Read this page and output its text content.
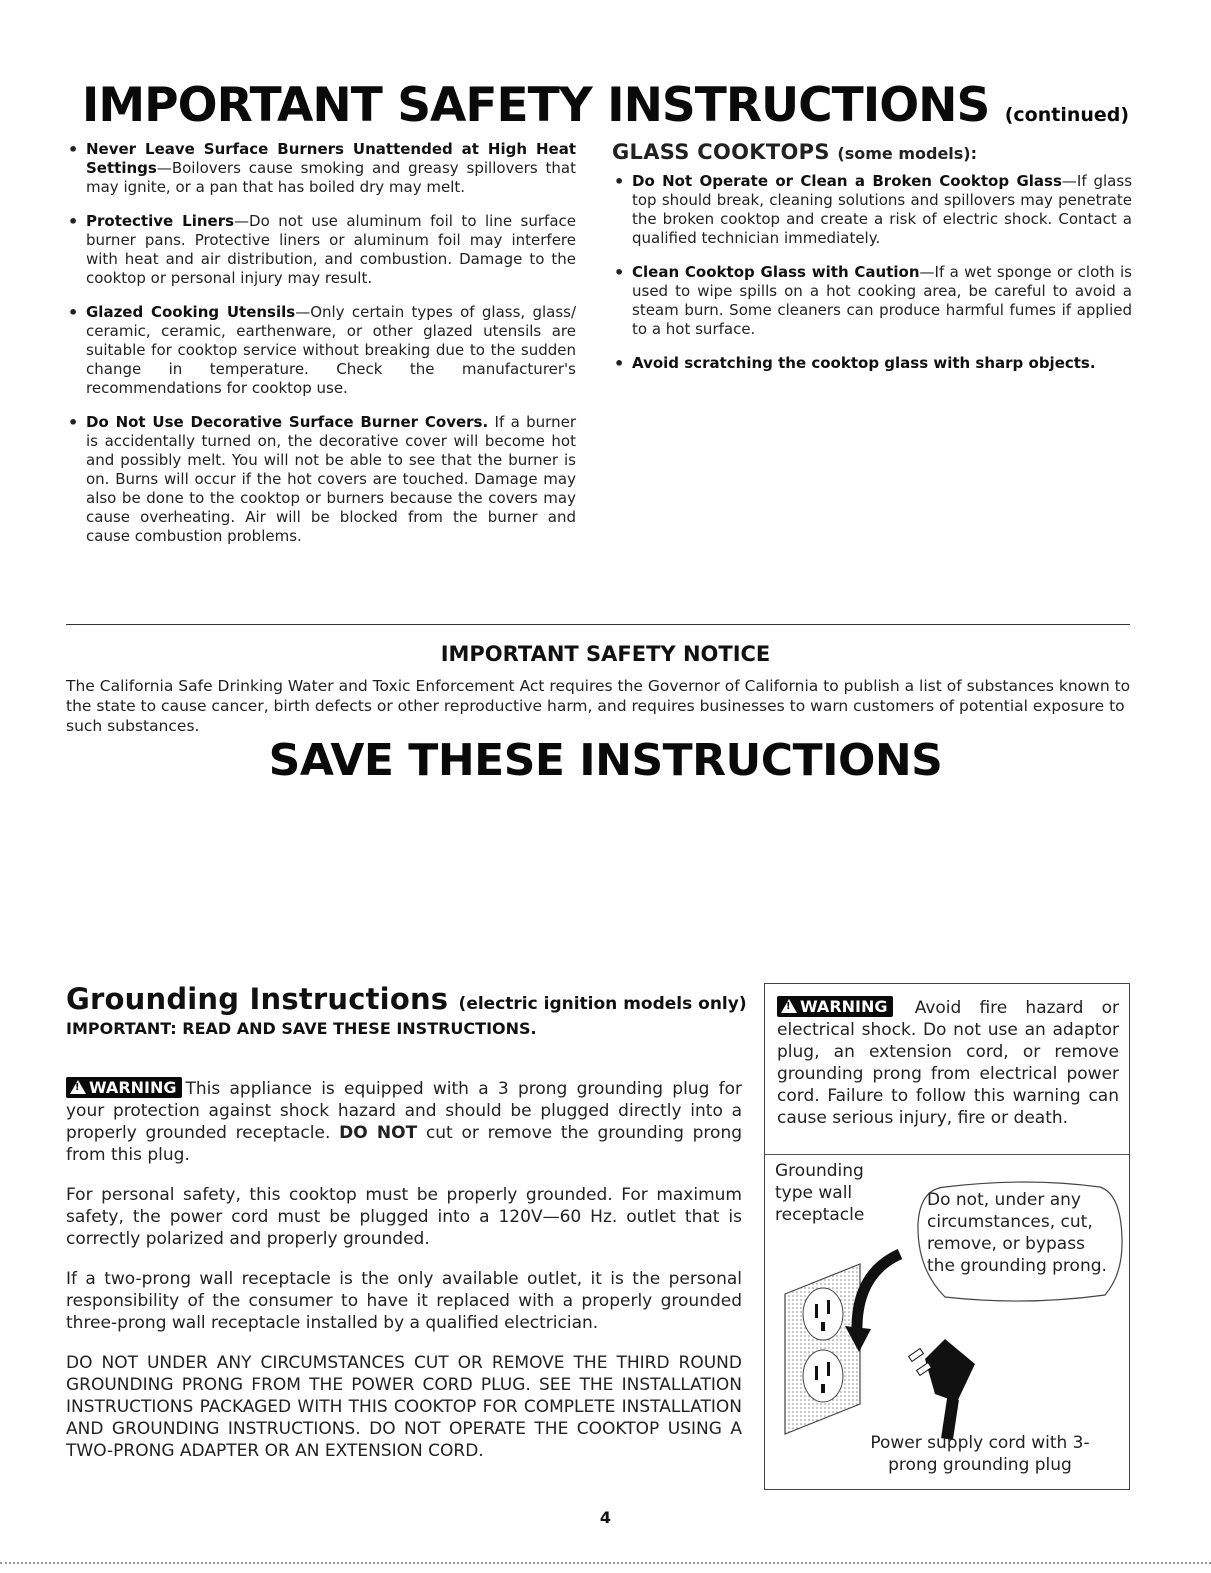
IMPORTANT SAFETY INSTRUCTIONS (continued)
• Never Leave Surface Burners Unattended at High Heat Settings—Boilovers cause smoking and greasy spillovers that may ignite, or a pan that has boiled dry may melt.
• Protective Liners—Do not use aluminum foil to line surface burner pans. Protective liners or aluminum foil may interfere with heat and air distribution, and combustion. Damage to the cooktop or personal injury may result.
• Glazed Cooking Utensils—Only certain types of glass, glass/ ceramic, ceramic, earthenware, or other glazed utensils are suitable for cooktop service without breaking due to the sudden change in temperature. Check the manufacturer's recommendations for cooktop use.
• Do Not Use Decorative Surface Burner Covers. If a burner is accidentally turned on, the decorative cover will become hot and possibly melt. You will not be able to see that the burner is on. Burns will occur if the hot covers are touched. Damage may also be done to the cooktop or burners because the covers may cause overheating. Air will be blocked from the burner and cause combustion problems.
GLASS COOKTOPS (some models):
• Do Not Operate or Clean a Broken Cooktop Glass—If glass top should break, cleaning solutions and spillovers may penetrate the broken cooktop and create a risk of electric shock. Contact a qualified technician immediately.
• Clean Cooktop Glass with Caution—If a wet sponge or cloth is used to wipe spills on a hot cooking area, be careful to avoid a steam burn. Some cleaners can produce harmful fumes if applied to a hot surface.
• Avoid scratching the cooktop glass with sharp objects.
IMPORTANT SAFETY NOTICE
The California Safe Drinking Water and Toxic Enforcement Act requires the Governor of California to publish a list of substances known to the state to cause cancer, birth defects or other reproductive harm, and requires businesses to warn customers of potential exposure to such substances.
SAVE THESE INSTRUCTIONS
Grounding Instructions (electric ignition models only)
IMPORTANT: READ AND SAVE THESE INSTRUCTIONS.

!WARNING This appliance is equipped with a 3 prong grounding plug for your protection against shock hazard and should be plugged directly into a properly grounded receptacle. DO NOT cut or remove the grounding prong from this plug.

For personal safety, this cooktop must be properly grounded. For maximum safety, the power cord must be plugged into a 120V—60 Hz. outlet that is correctly polarized and properly grounded.

If a two-prong wall receptacle is the only available outlet, it is the personal responsibility of the consumer to have it replaced with a properly grounded three-prong wall receptacle installed by a qualified electrician.

DO NOT UNDER ANY CIRCUMSTANCES CUT OR REMOVE THE THIRD ROUND GROUNDING PRONG FROM THE POWER CORD PLUG. SEE THE INSTALLATION INSTRUCTIONS PACKAGED WITH THIS COOKTOP FOR COMPLETE INSTALLATION AND GROUNDING INSTRUCTIONS. DO NOT OPERATE THE COOKTOP USING A TWO-PRONG ADAPTER OR AN EXTENSION CORD.

!WARNING Avoid fire hazard or electrical shock. Do not use an adaptor plug, an extension cord, or remove grounding prong from electrical power cord. Failure to follow this warning can cause serious injury, fire or death.
Grounding type wall receptacle
Do not, under any circumstances, cut, remove, or bypass the grounding prong.
Power supply cord with 3-prong grounding plug
4
